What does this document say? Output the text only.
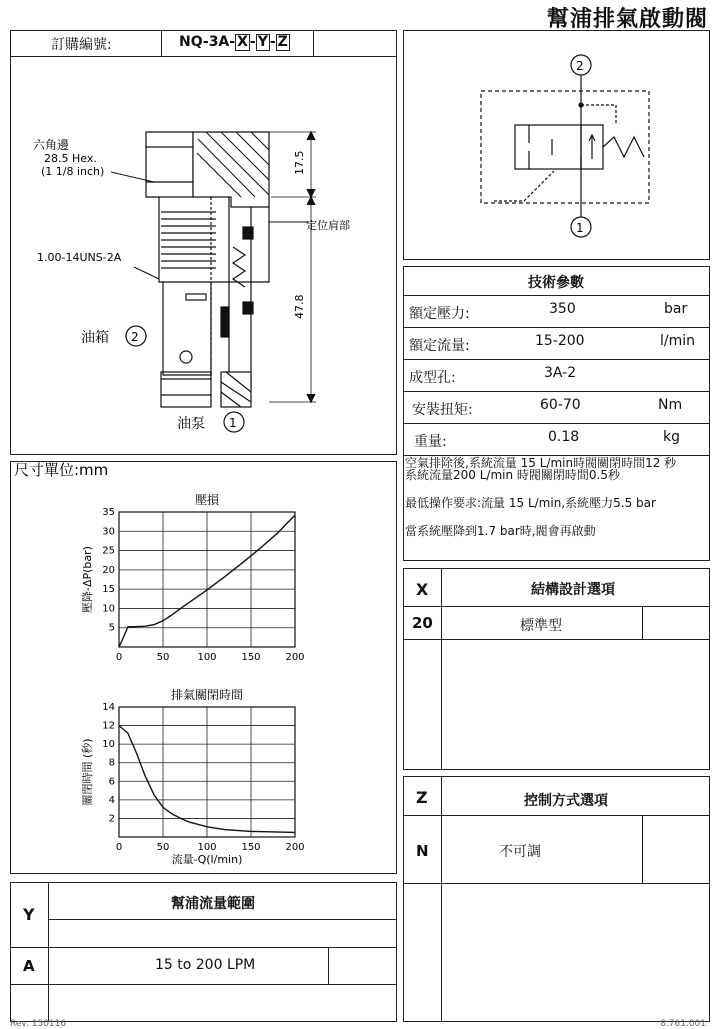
幫浦排氣啟動閥
訂購編號:	NQ-3A- X - Y - Z
17.5
47.8
六角邊
28.5 Hex.
(1 1/8 inch)
1.00-14UNS-2A
定位肩部
油箱 2
油泵 1
尺寸單位:mm
2
1
技術參數
額定壓力:	350	bar
額定流量:	15-200	l/min
成型孔:	3A-2
安裝扭矩:	60-70	Nm
重量:	0.18	kg
空氣排除後,系統流量 15 L/min時閥關閉時間12 秒
系統流量200 L/min 時閥關閉時間0.5秒
最低操作要求:流量 15 L/min,系統壓力5.5 bar
當系統壓降到1.7 bar時,閥會再啟動
X	結構設計選項
20	標準型
Z	控制方式選項
N	不可調
0	50	100 150 200
5
10
15
20
25
30
35
壓損
壓降-ΔP(bar)
0	50	100 150 200
2
4
6
8
10
12
14
排氣關閉時間
關閉時間 (秒)
流量-Q(l/min)
Y
幫浦流量範圍
A	15 to 200 LPM
Rev. 150116	8.761.001
